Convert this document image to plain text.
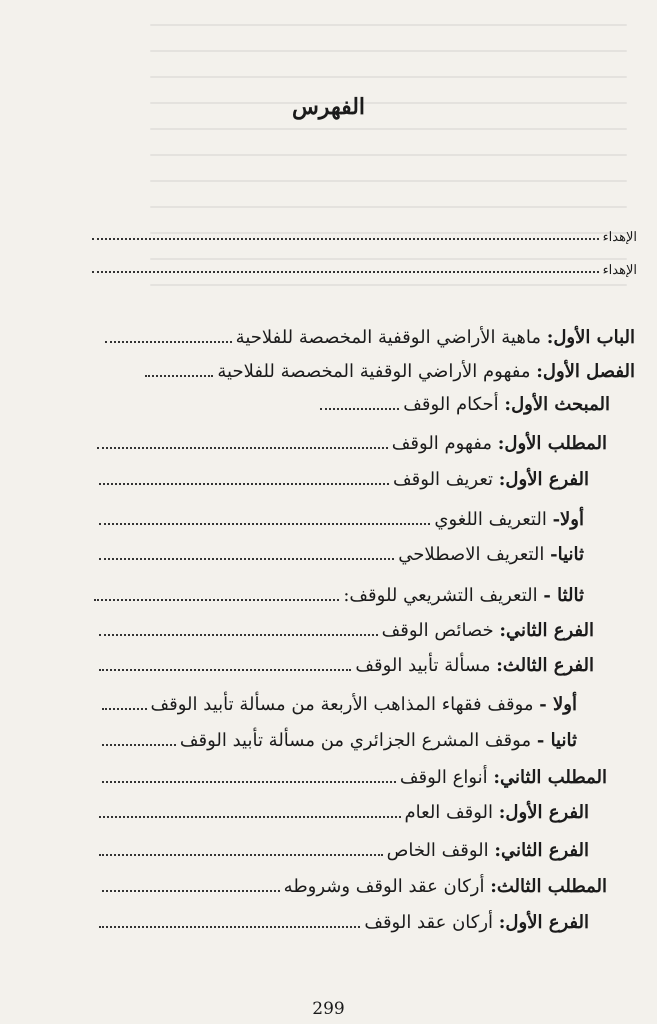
الفهرس
الإهداء
الإهداء
الباب الأول:

ماهية الأراضي الوقفية المخصصة للفلاحية
الفصل الأول:

مفهوم الأراضي الوقفية المخصصة للفلاحية
المبحث الأول:

أحكام الوقف
المطلب الأول:

مفهوم الوقف
الفرع الأول:

تعريف الوقف
أولا-

التعريف اللغوي
ثانيا-

التعريف الاصطلاحي
ثالثا -

التعريف التشريعي للوقف:
الفرع الثاني:

خصائص الوقف
الفرع الثالث:

مسألة تأبيد الوقف
أولا -

موقف فقهاء المذاهب الأربعة من مسألة تأبيد الوقف
ثانيا -

موقف المشرع الجزائري من مسألة تأبيد الوقف
المطلب الثاني:

أنواع الوقف
الفرع الأول:

الوقف العام
الفرع الثاني:

الوقف الخاص
المطلب الثالث:

أركان عقد الوقف وشروطه
الفرع الأول:

أركان عقد الوقف
299
